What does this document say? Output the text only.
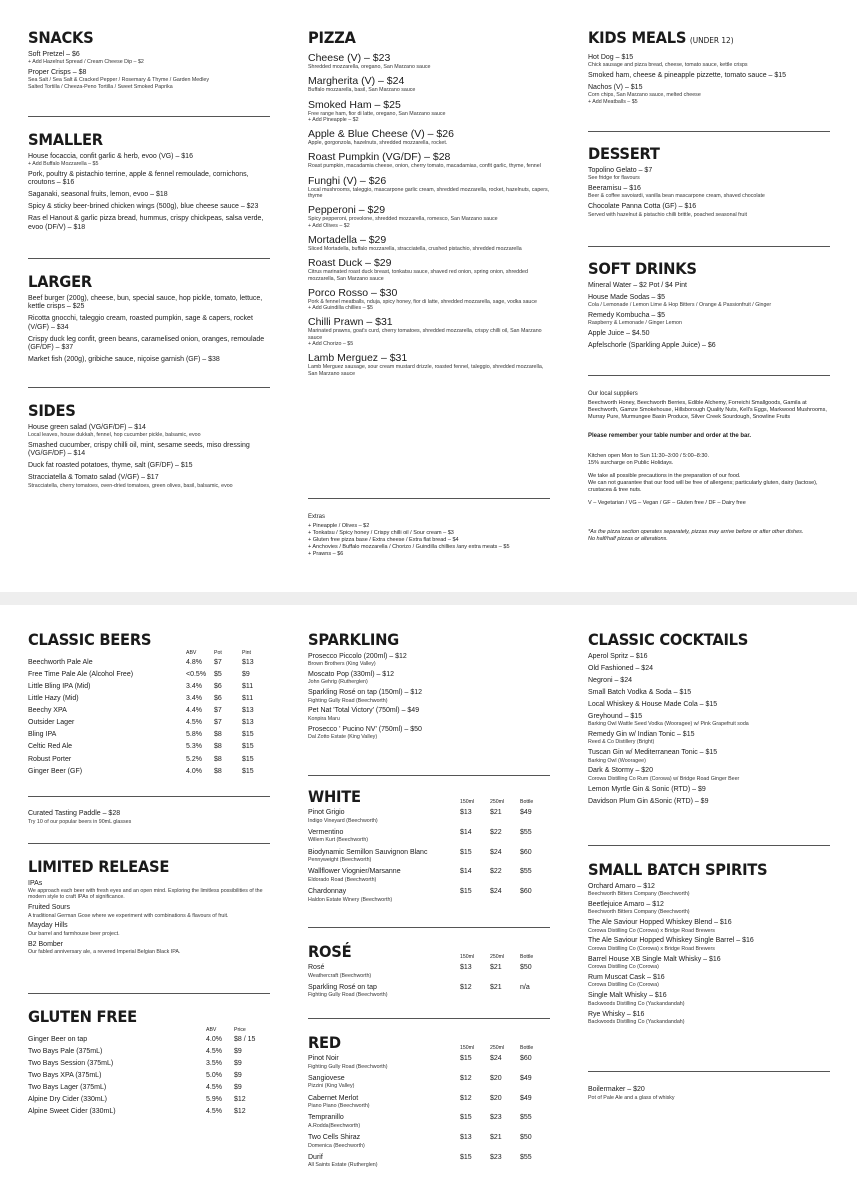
SNACKS
Soft Pretzel – $6
+ Add Hazelnut Spread / Cream Cheese Dip – $2
Proper Crisps – $8
Sea Salt / Sea Salt & Cracked Pepper / Rosemary & Thyme / Garden Medley
Salted Tortilla / Cheeza-Peno Tortilla / Sweet Smoked Paprika
SMALLER
House focaccia, confit garlic & herb, evoo (VG) – $16
+ Add Buffalo Mozzarella – $5
Pork, poultry & pistachio terrine, apple & fennel remoulade, cornichons, croutons – $16
Saganaki, seasonal fruits, lemon, evoo – $18
Spicy & sticky beer-brined chicken wings (500g), blue cheese sauce – $23
Ras el Hanout & garlic pizza bread, hummus, crispy chickpeas, salsa verde, evoo (DF/V) – $18
LARGER
Beef burger (200g), cheese, bun, special sauce, hop pickle, tomato, lettuce, kettle crisps – $25
Ricotta gnocchi, taleggio cream, roasted pumpkin, sage & capers, rocket (V/GF) – $34
Crispy duck leg confit, green beans, caramelised onion, oranges, remoulade (GF/DF) – $37
Market fish (200g), gribiche sauce, niçoise garnish (GF) – $38
SIDES
House green salad (VG/GF/DF) – $14
Local leaves, house dukkah, fennel, hop cucumber pickle, balsamic, evoo
Smashed cucumber, crispy chilli oil, mint, sesame seeds, miso dressing (VG/GF/DF) – $14
Duck fat roasted potatoes, thyme, salt (GF/DF) – $15
Stracciatella & Tomato salad (V/GF) – $17
Stracciatella, cherry tomatoes, oven-dried tomatoes, green olives, basil, balsamic, evoo
PIZZA
Cheese (V) – $23
Shredded mozzarella, oregano, San Marzano sauce
Margherita (V) – $24
Buffalo mozzarella, basil, San Marzano sauce
Smoked Ham – $25
Free range ham, fior di latte, oregano, San Marzano sauce
+ Add Pineapple – $2
Apple & Blue Cheese (V) – $26
Apple, gorgonzola, hazelnuts, shredded mozzarella, rocket.
Roast Pumpkin (VG/DF) – $28
Roast pumpkin, macadamia cheese, onion, cherry tomato, macadamias, confit garlic, thyme, fennel
Funghi (V) – $26
Local mushrooms, taleggio, mascarpone garlic cream, shredded mozzarella, rocket, hazelnuts, capers, thyme
Pepperoni – $29
Spicy pepperoni, provolone, shredded mozzarella, romesco, San Marzano sauce
+ Add Olives – $2
Mortadella – $29
Sliced Mortadella, buffalo mozzarella, stracciatella, crushed pistachio, shredded mozzarella
Roast Duck – $29
Citrus marinated roast duck breast, tonkatsu sauce, shaved red onion, spring onion, shredded mozzarella, San Marzano sauce
Porco Rosso – $30
Pork & fennel meatballs, nduja, spicy honey, fior di latte, shredded mozzarella, sage, vodka sauce
+ Add Guindilla chillies – $5
Chilli Prawn – $31
Marinated prawns, goat's curd, cherry tomatoes, shredded mozzarella, crispy chilli oil, San Marzano sauce
+ Add Chorizo – $5
Lamb Merguez – $31
Lamb Merguez sausage, sour cream mustard drizzle, roasted fennel, taleggio, shredded mozzarella, San Marzano sauce
Extras
+ Pineapple / Olives – $2
+ Tonkatsu / Spicy honey / Crispy chilli oil / Sour cream – $3
+ Gluten free pizza base / Extra cheese / Extra flat bread – $4
+ Anchovies / Buffalo mozzarella / Chorizo / Guindilla chillies /any extra meats – $5
+ Prawns – $6
KIDS MEALS (UNDER 12)
Hot Dog – $15
Chick sausage and pizza bread, cheese, tomato sauce, kettle crisps
Smoked ham, cheese & pineapple pizzette, tomato sauce – $15
Nachos (V) – $15
Corn chips, San Marzano sauce, melted cheese
+ Add Meatballs – $5
DESSERT
Topolino Gelato – $7
See fridge for flavours
Beeramisu – $16
Beer & coffee savoiardi, vanilla bean mascarpone cream, shaved chocolate
Chocolate Panna Cotta (GF) – $16
Served with hazelnut & pistachio chilli brittle, poached seasonal fruit
SOFT DRINKS
Mineral Water – $2 Pot / $4 Pint
House Made Sodas – $5
Cola / Lemonade / Lemon Lime & Hop Bitters / Orange & Passionfruit / Ginger
Remedy Kombucha – $5
Raspberry & Lemonade / Ginger Lemon
Apple Juice – $4.50
Apfelschorle (Sparkling Apple Juice) – $6
Our local suppliers
Beechworth Honey, Beechworth Berries, Edible Alchemy, Forreichi Smallgoods, Gamila at Beechworth, Gamze Smokehouse, Hillsborough Quality Nuts, Kell's Eggs, Markwood Mushrooms, Murray Pure, Murmungee Basin Produce, Silver Creek Sourdough, Snowline Fruits
Please remember your table number and order at the bar.
Kitchen open Mon to Sun 11:30–3:00 / 5:00–8:30.
15% surcharge on Public Holidays.
We take all possible precautions in the preparation of our food.
We can not guarantee that our food will be free of allergens; particularly gluten, dairy (lactose), crustacea & tree nuts.
V – Vegetarian / VG – Vegan / GF – Gluten free / DF – Dairy free
*As the pizza section operates separately, pizzas may arrive before or after other dishes.
No half/half pizzas or alterations.
CLASSIC BEERS
	ABV	Pot	Pint
Beechworth Pale Ale	4.8%	$7	$13
Free Time Pale Ale (Alcohol Free)	<0.5%	$5	$9
Little Bling IPA (Mid)	3.4%	$6	$11
Little Hazy (Mid)	3.4%	$6	$11
Beechy XPA	4.4%	$7	$13
Outsider Lager	4.5%	$7	$13
Bling IPA	5.8%	$8	$15
Celtic Red Ale	5.3%	$8	$15
Robust Porter	5.2%	$8	$15
Ginger Beer (GF)	4.0%	$8	$15
Curated Tasting Paddle – $28
Try 10 of our popular beers in 90mL glasses
LIMITED RELEASE
IPAs
We approach each beer with fresh eyes and an open mind. Exploring the limitless possibilities of the modern style to craft IPAs of significance.
Fruited Sours
A traditional German Gose where we experiment with combinations & flavours of fruit.
Mayday Hills
Our barrel and farmhouse beer project.
B2 Bomber
Our fabled anniversary ale, a revered Imperial Belgian Black IPA.
GLUTEN FREE
	ABV	Price
Ginger Beer on tap	4.0%	$8 / 15
Two Bays Pale (375mL)	4.5%	$9
Two Bays Session (375mL)	3.5%	$9
Two Bays XPA (375mL)	5.0%	$9
Two Bays Lager (375mL)	4.5%	$9
Alpine Dry Cider (330mL)	5.9%	$12
Alpine Sweet Cider (330mL)	4.5%	$12
SPARKLING
Prosecco Piccolo (200ml) – $12
Brown Brothers (King Valley)
Moscato Pop (330ml) – $12
John Gehrig (Rutherglen)
Sparkling Rosé on tap (150ml) – $12
Fighting Gully Road (Beechworth)
Pet Nat 'Total Victory' (750ml) – $49
Konpira Maru
Prosecco ' Pucino NV' (750ml) – $50
Dal Zotto Estate (King Valley)
WHITE
		150ml	250ml	Bottle
Pinot Grigio
Indigo Vineyard (Beechworth)	$13	$21	$49
Vermentino
Willem Kurt (Beechworth)	$14	$22	$55
Biodynamic Semillon Sauvignon Blanc
Pennyweight (Beechworth)	$15	$24	$60
Wallflower Viognier/Marsanne
Eldorado Road (Beechworth)	$14	$22	$55
Chardonnay
Haldon Estate Winery (Beechworth)	$15	$24	$60
ROSÉ
		150ml	250ml	Bottle
Rosé
Weathercraft (Beechworth)	$13	$21	$50
Sparkling Rosé on tap
Fighting Gully Road (Beechworth)	$12	$21	n/a
RED
		150ml	250ml	Bottle
Pinot Noir
Fighting Gully Road (Beechworth)	$15	$24	$60
Sangiovese
Pizzini (King Valley)	$12	$20	$49
Cabernet Merlot
Piano Piano (Beechworth)	$12	$20	$49
Tempranillo
A.Rodda(Beechworth)	$15	$23	$55
Two Cells Shiraz
Domenica (Beechworth)	$13	$21	$50
Durif
All Saints Estate (Rutherglen)	$15	$23	$55
CLASSIC COCKTAILS
Aperol Spritz – $16
Old Fashioned – $24
Negroni – $24
Small Batch Vodka & Soda – $15
Local Whiskey & House Made Cola – $15
Greyhound – $15
Barking Owl Wattle Seed Vodka (Wooragee) w/ Pink Grapefruit soda
Remedy Gin w/ Indian Tonic – $15
Reed & Co Distillery (Bright)
Tuscan Gin w/ Mediterranean Tonic – $15
Barking Owl (Wooragee)
Dark & Stormy – $20
Corowa Distilling Co Rum (Corowa) w/ Bridge Road Ginger Beer
Lemon Myrtle Gin & Sonic (RTD) – $9
Davidson Plum Gin &Sonic (RTD) – $9
SMALL BATCH SPIRITS
Orchard Amaro – $12
Beechworth Bitters Company (Beechworth)
Beetlejuice Amaro – $12
Beechworth Bitters Company (Beechworth)
The Ale Saviour Hopped Whiskey Blend – $16
Corowa Distilling Co (Corowa) x Bridge Road Brewers
The Ale Saviour Hopped Whiskey Single Barrel – $16
Corowa Distilling Co (Corowa) x Bridge Road Brewers
Barrel House XB Single Malt Whisky – $16
Corowa Distilling Co (Corowa)
Rum Muscat Cask – $16
Corowa Distilling Co (Corowa)
Single Malt Whisky – $16
Backwoods Distilling Co (Yackandandah)
Rye Whisky – $16
Backwoods Distilling Co (Yackandandah)
Boilermaker – $20
Pot of Pale Ale and a glass of whisky
